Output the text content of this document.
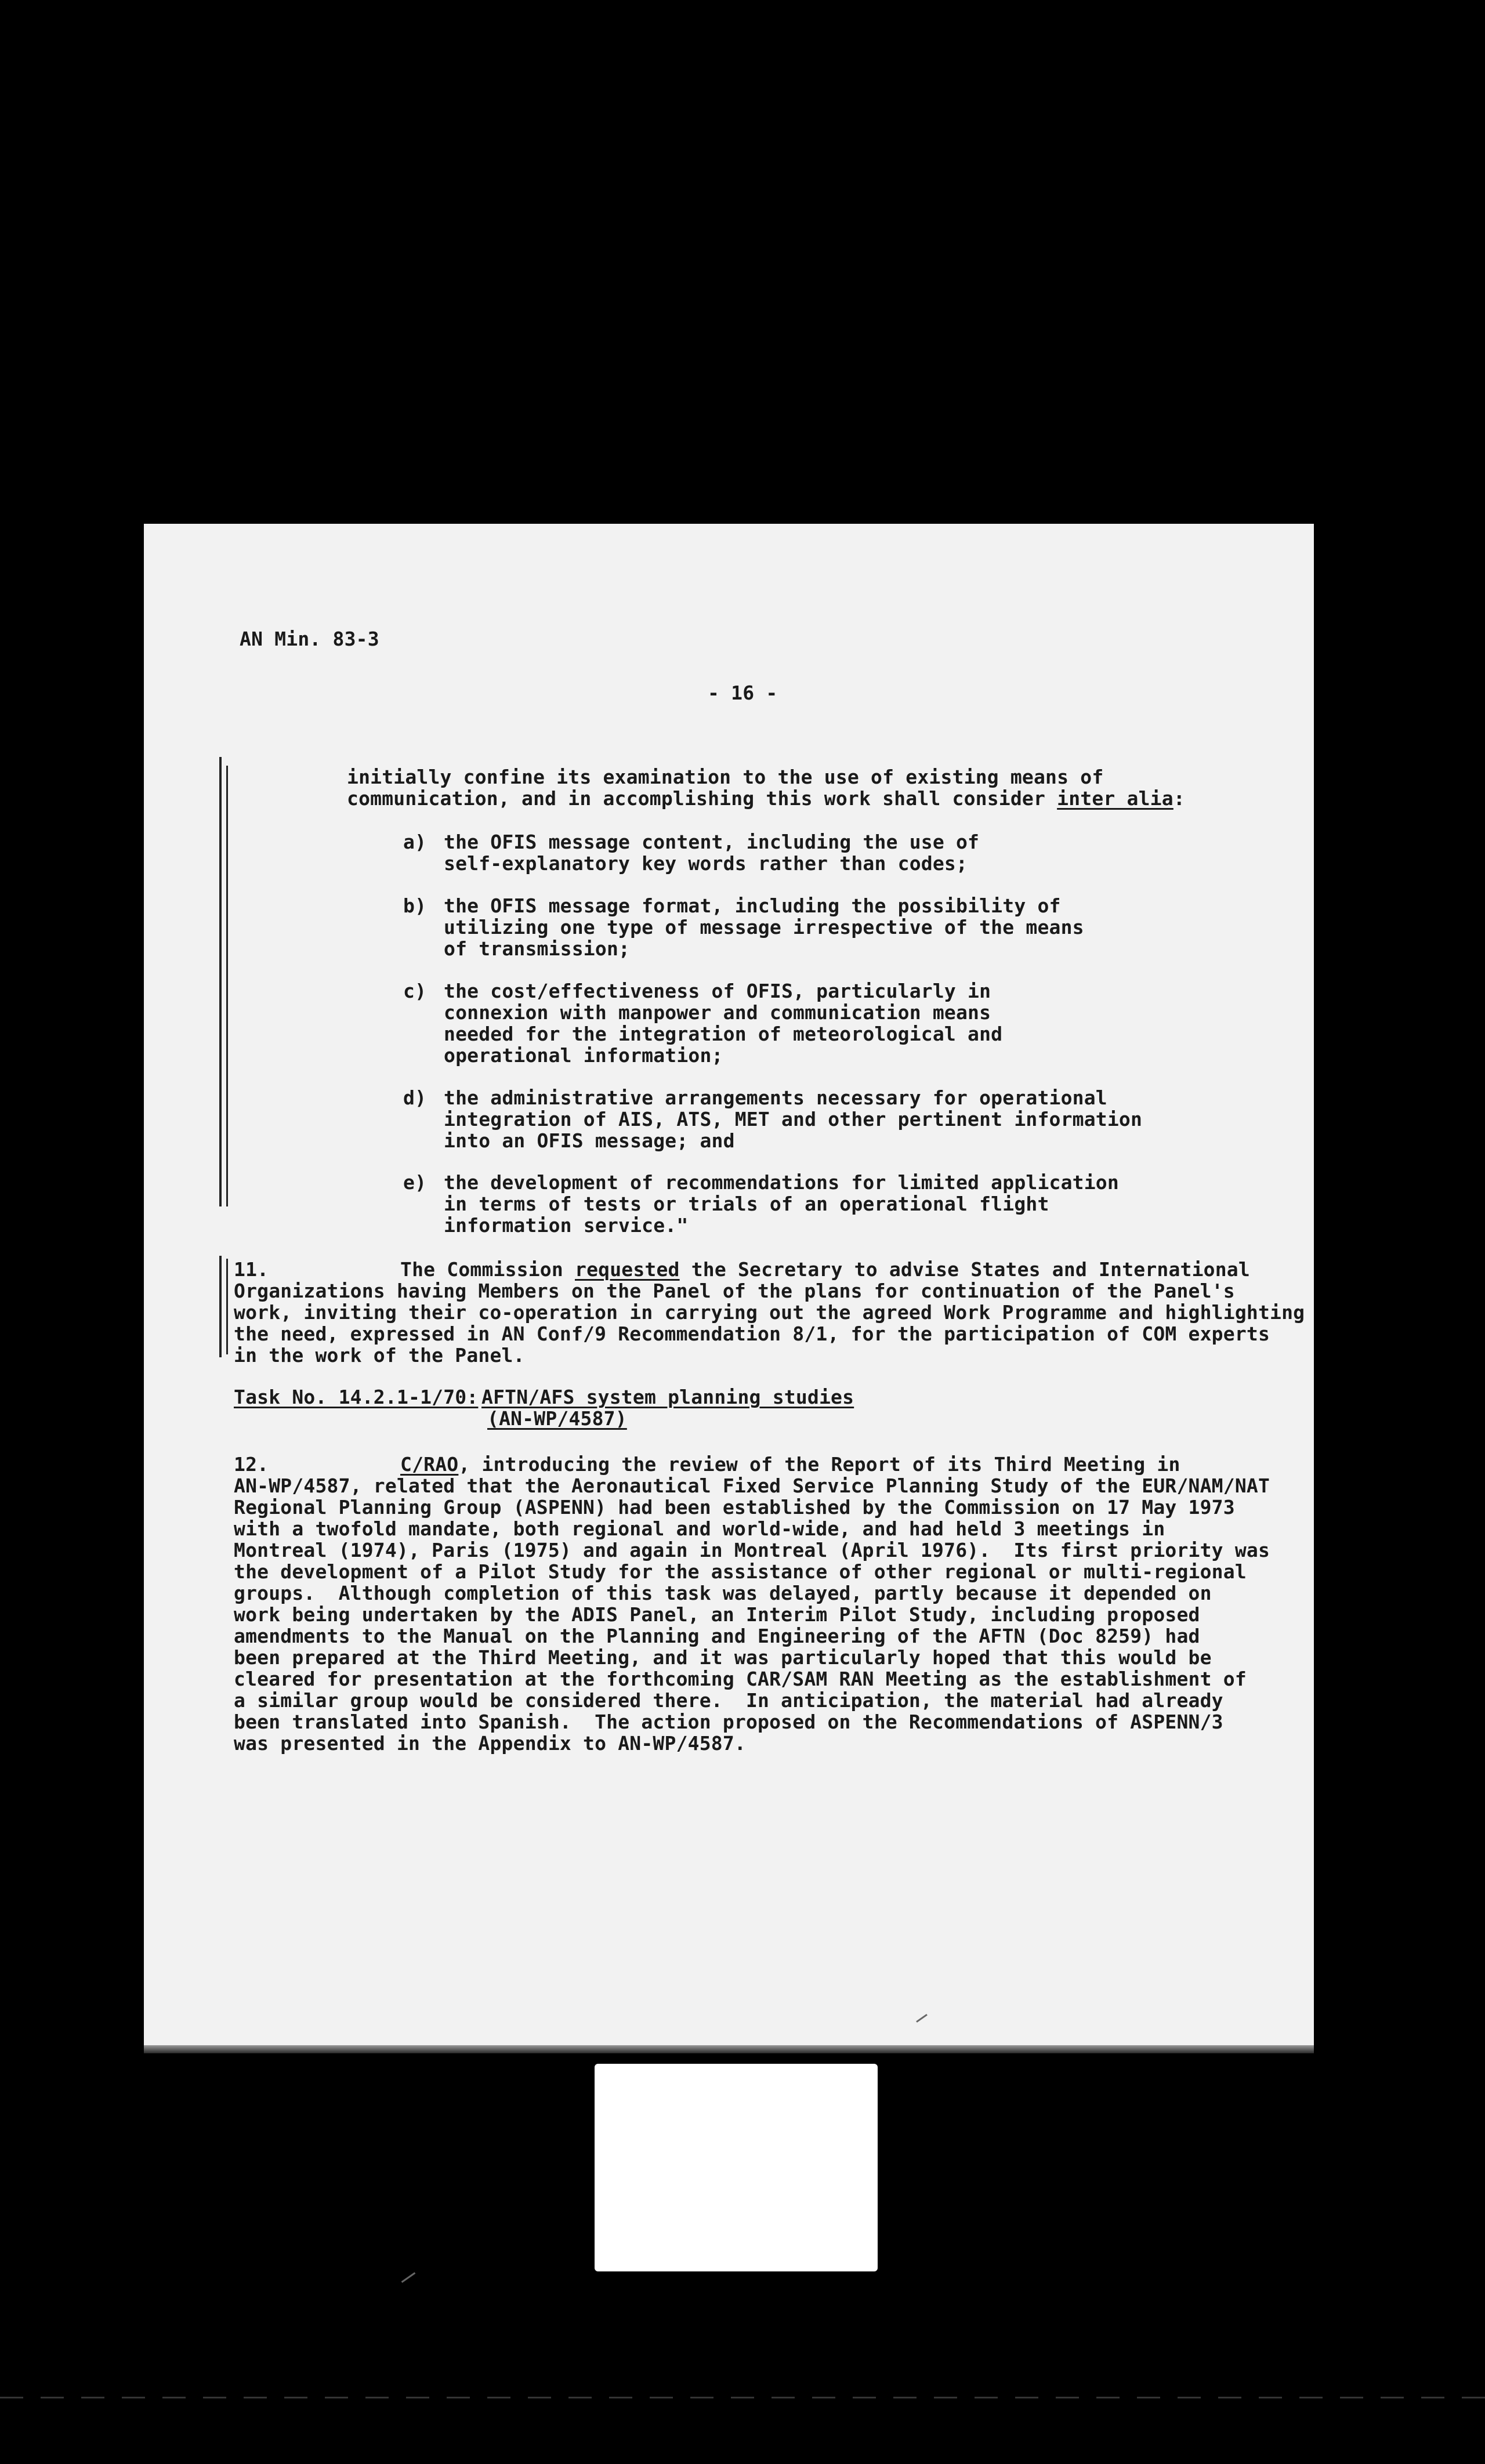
AN Min. 83-3
- 16 -
initially confine its examination to the use of existing means of
communication, and in accomplishing this work shall consider inter alia:
a) the OFIS message content, including the use of
self-explanatory key words rather than codes;
b) the OFIS message format, including the possibility of
utilizing one type of message irrespective of the means
of transmission;
c) the cost/effectiveness of OFIS, particularly in
connexion with manpower and communication means
needed for the integration of meteorological and
operational information;
d) the administrative arrangements necessary for operational
integration of AIS, ATS, MET and other pertinent information
into an OFIS message; and
e) the development of recommendations for limited application
in terms of tests or trials of an operational flight
information service."
11.	The Commission requested the Secretary to advise States and International
Organizations having Members on the Panel of the plans for continuation of the Panel's
work, inviting their co-operation in carrying out the agreed Work Programme and highlighting
the need, expressed in AN Conf/9 Recommendation 8/1, for the participation of COM experts
in the work of the Panel.
Task No. 14.2.1-1/70: AFTN/AFS system planning studies
(AN-WP/4587)
12.	C/RAO, introducing the review of the Report of its Third Meeting in
AN-WP/4587, related that the Aeronautical Fixed Service Planning Study of the EUR/NAM/NAT
Regional Planning Group (ASPENN) had been established by the Commission on 17 May 1973
with a twofold mandate, both regional and world-wide, and had held 3 meetings in
Montreal (1974), Paris (1975) and again in Montreal (April 1976).  Its first priority was
the development of a Pilot Study for the assistance of other regional or multi-regional
groups.  Although completion of this task was delayed, partly because it depended on
work being undertaken by the ADIS Panel, an Interim Pilot Study, including proposed
amendments to the Manual on the Planning and Engineering of the AFTN (Doc 8259) had
been prepared at the Third Meeting, and it was particularly hoped that this would be
cleared for presentation at the forthcoming CAR/SAM RAN Meeting as the establishment of
a similar group would be considered there.  In anticipation, the material had already
been translated into Spanish.  The action proposed on the Recommendations of ASPENN/3
was presented in the Appendix to AN-WP/4587.
